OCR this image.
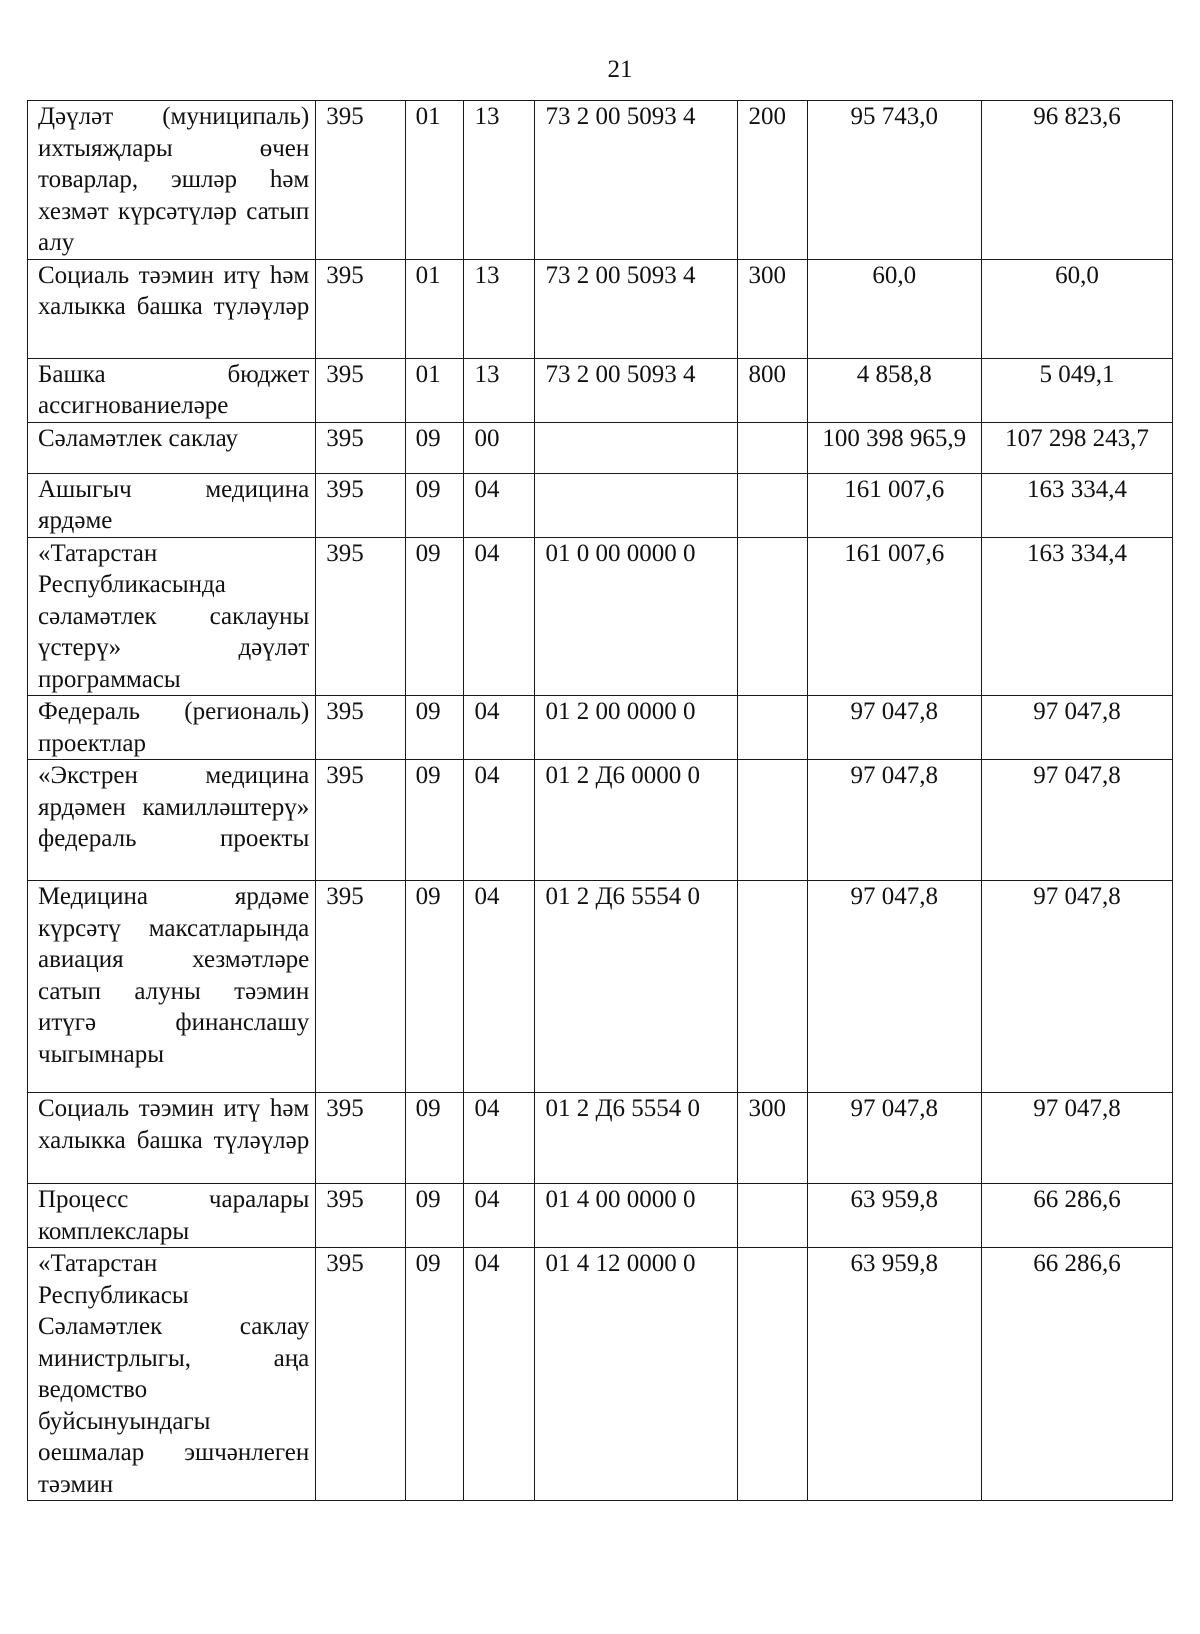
21
Дәүләт (муниципаль) ихтыяҗлары өчен товарлар, эшләр һәм хезмәт күрсәтүләр сатып алу	395	01	13	73 2 00 5093 4	200	95 743,0	96 823,6
Социаль тәэмин итү һәм халыкка башка түләүләр	395	01	13	73 2 00 5093 4	300	60,0	60,0
Башка бюджет ассигнованиеләре	395	01	13	73 2 00 5093 4	800	4 858,8	5 049,1
Сәламәтлек саклау	395	09	00			100 398 965,9	107 298 243,7
Ашыгыч медицина ярдәме	395	09	04			161 007,6	163 334,4
«Татарстан Республикасында сәламәтлек саклауны үстерү» дәүләт программасы	395	09	04	01 0 00 0000 0		161 007,6	163 334,4
Федераль (региональ) проектлар	395	09	04	01 2 00 0000 0		97 047,8	97 047,8
«Экстрен медицина ярдәмен камилләштерү» федераль проекты	395	09	04	01 2 Д6 0000 0		97 047,8	97 047,8
Медицина ярдәме күрсәтү максатларында авиация хезмәтләре сатып алуны тәэмин итүгә финанслашу чыгымнары	395	09	04	01 2 Д6 5554 0		97 047,8	97 047,8
Социаль тәэмин итү һәм халыкка башка түләүләр	395	09	04	01 2 Д6 5554 0	300	97 047,8	97 047,8
Процесс чаралары комплекслары	395	09	04	01 4 00 0000 0		63 959,8	66 286,6
«Татарстан Республикасы Сәламәтлек саклау министрлыгы, аңа ведомство буйсынуындагы оешмалар эшчәнлеген тәэмин	395	09	04	01 4 12 0000 0		63 959,8	66 286,6
